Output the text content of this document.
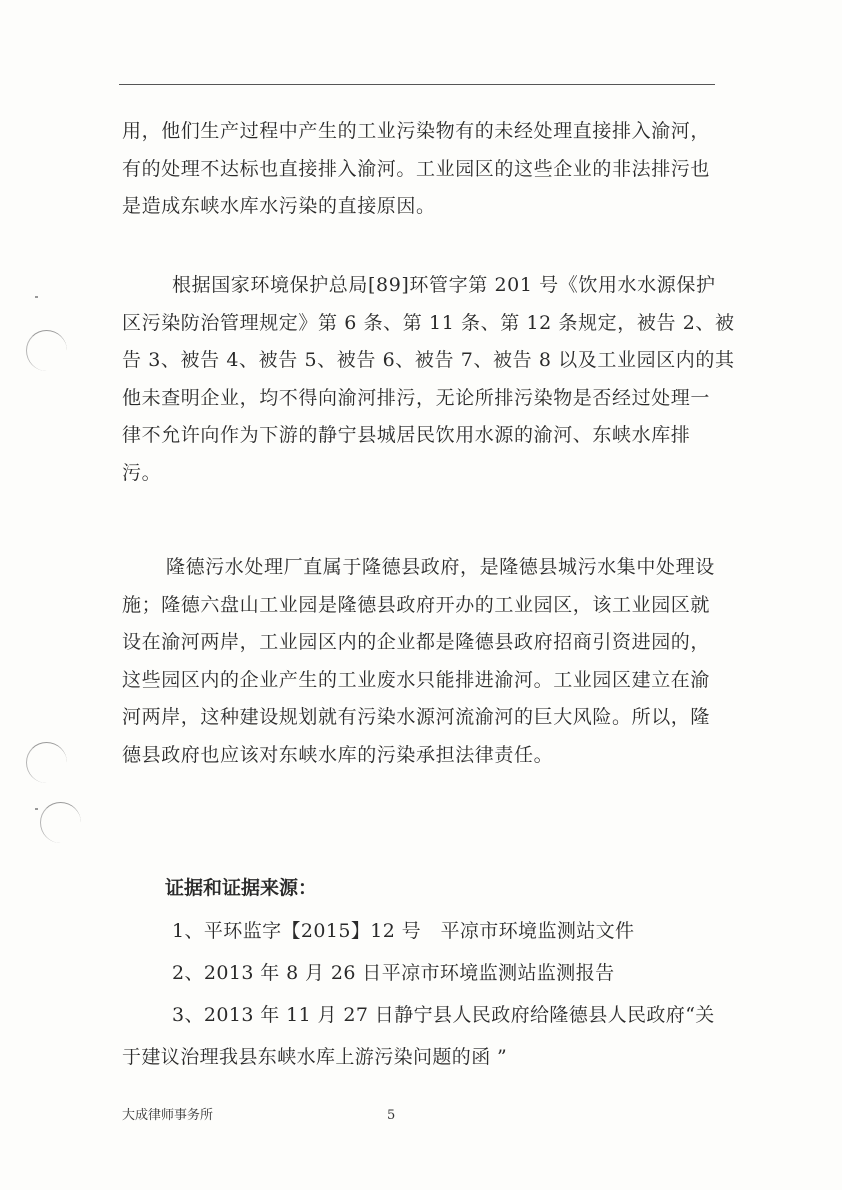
用，他们生产过程中产生的工业污染物有的未经处理直接排入渝河，
有的处理不达标也直接排入渝河。工业园区的这些企业的非法排污也
是造成东峡水库水污染的直接原因。
根据国家环境保护总局[89]环管字第 201 号《饮用水水源保护
区污染防治管理规定》第 6 条、第 11 条、第 12 条规定，被告 2、被
告 3、被告 4、被告 5、被告 6、被告 7、被告 8 以及工业园区内的其
他未查明企业，均不得向渝河排污，无论所排污染物是否经过处理一
律不允许向作为下游的静宁县城居民饮用水源的渝河、东峡水库排
污。
隆德污水处理厂直属于隆德县政府，是隆德县城污水集中处理设
施；隆德六盘山工业园是隆德县政府开办的工业园区，该工业园区就
设在渝河两岸，工业园区内的企业都是隆德县政府招商引资进园的，
这些园区内的企业产生的工业废水只能排进渝河。工业园区建立在渝
河两岸，这种建设规划就有污染水源河流渝河的巨大风险。所以，隆
德县政府也应该对东峡水库的污染承担法律责任。
证据和证据来源：
1、平环监字【2015】12 号　平凉市环境监测站文件
2、2013 年 8 月 26 日平凉市环境监测站监测报告
3、2013 年 11 月 27 日静宁县人民政府给隆德县人民政府“关
于建议治理我县东峡水库上游污染问题的函 ”
大成律师事务所	5
